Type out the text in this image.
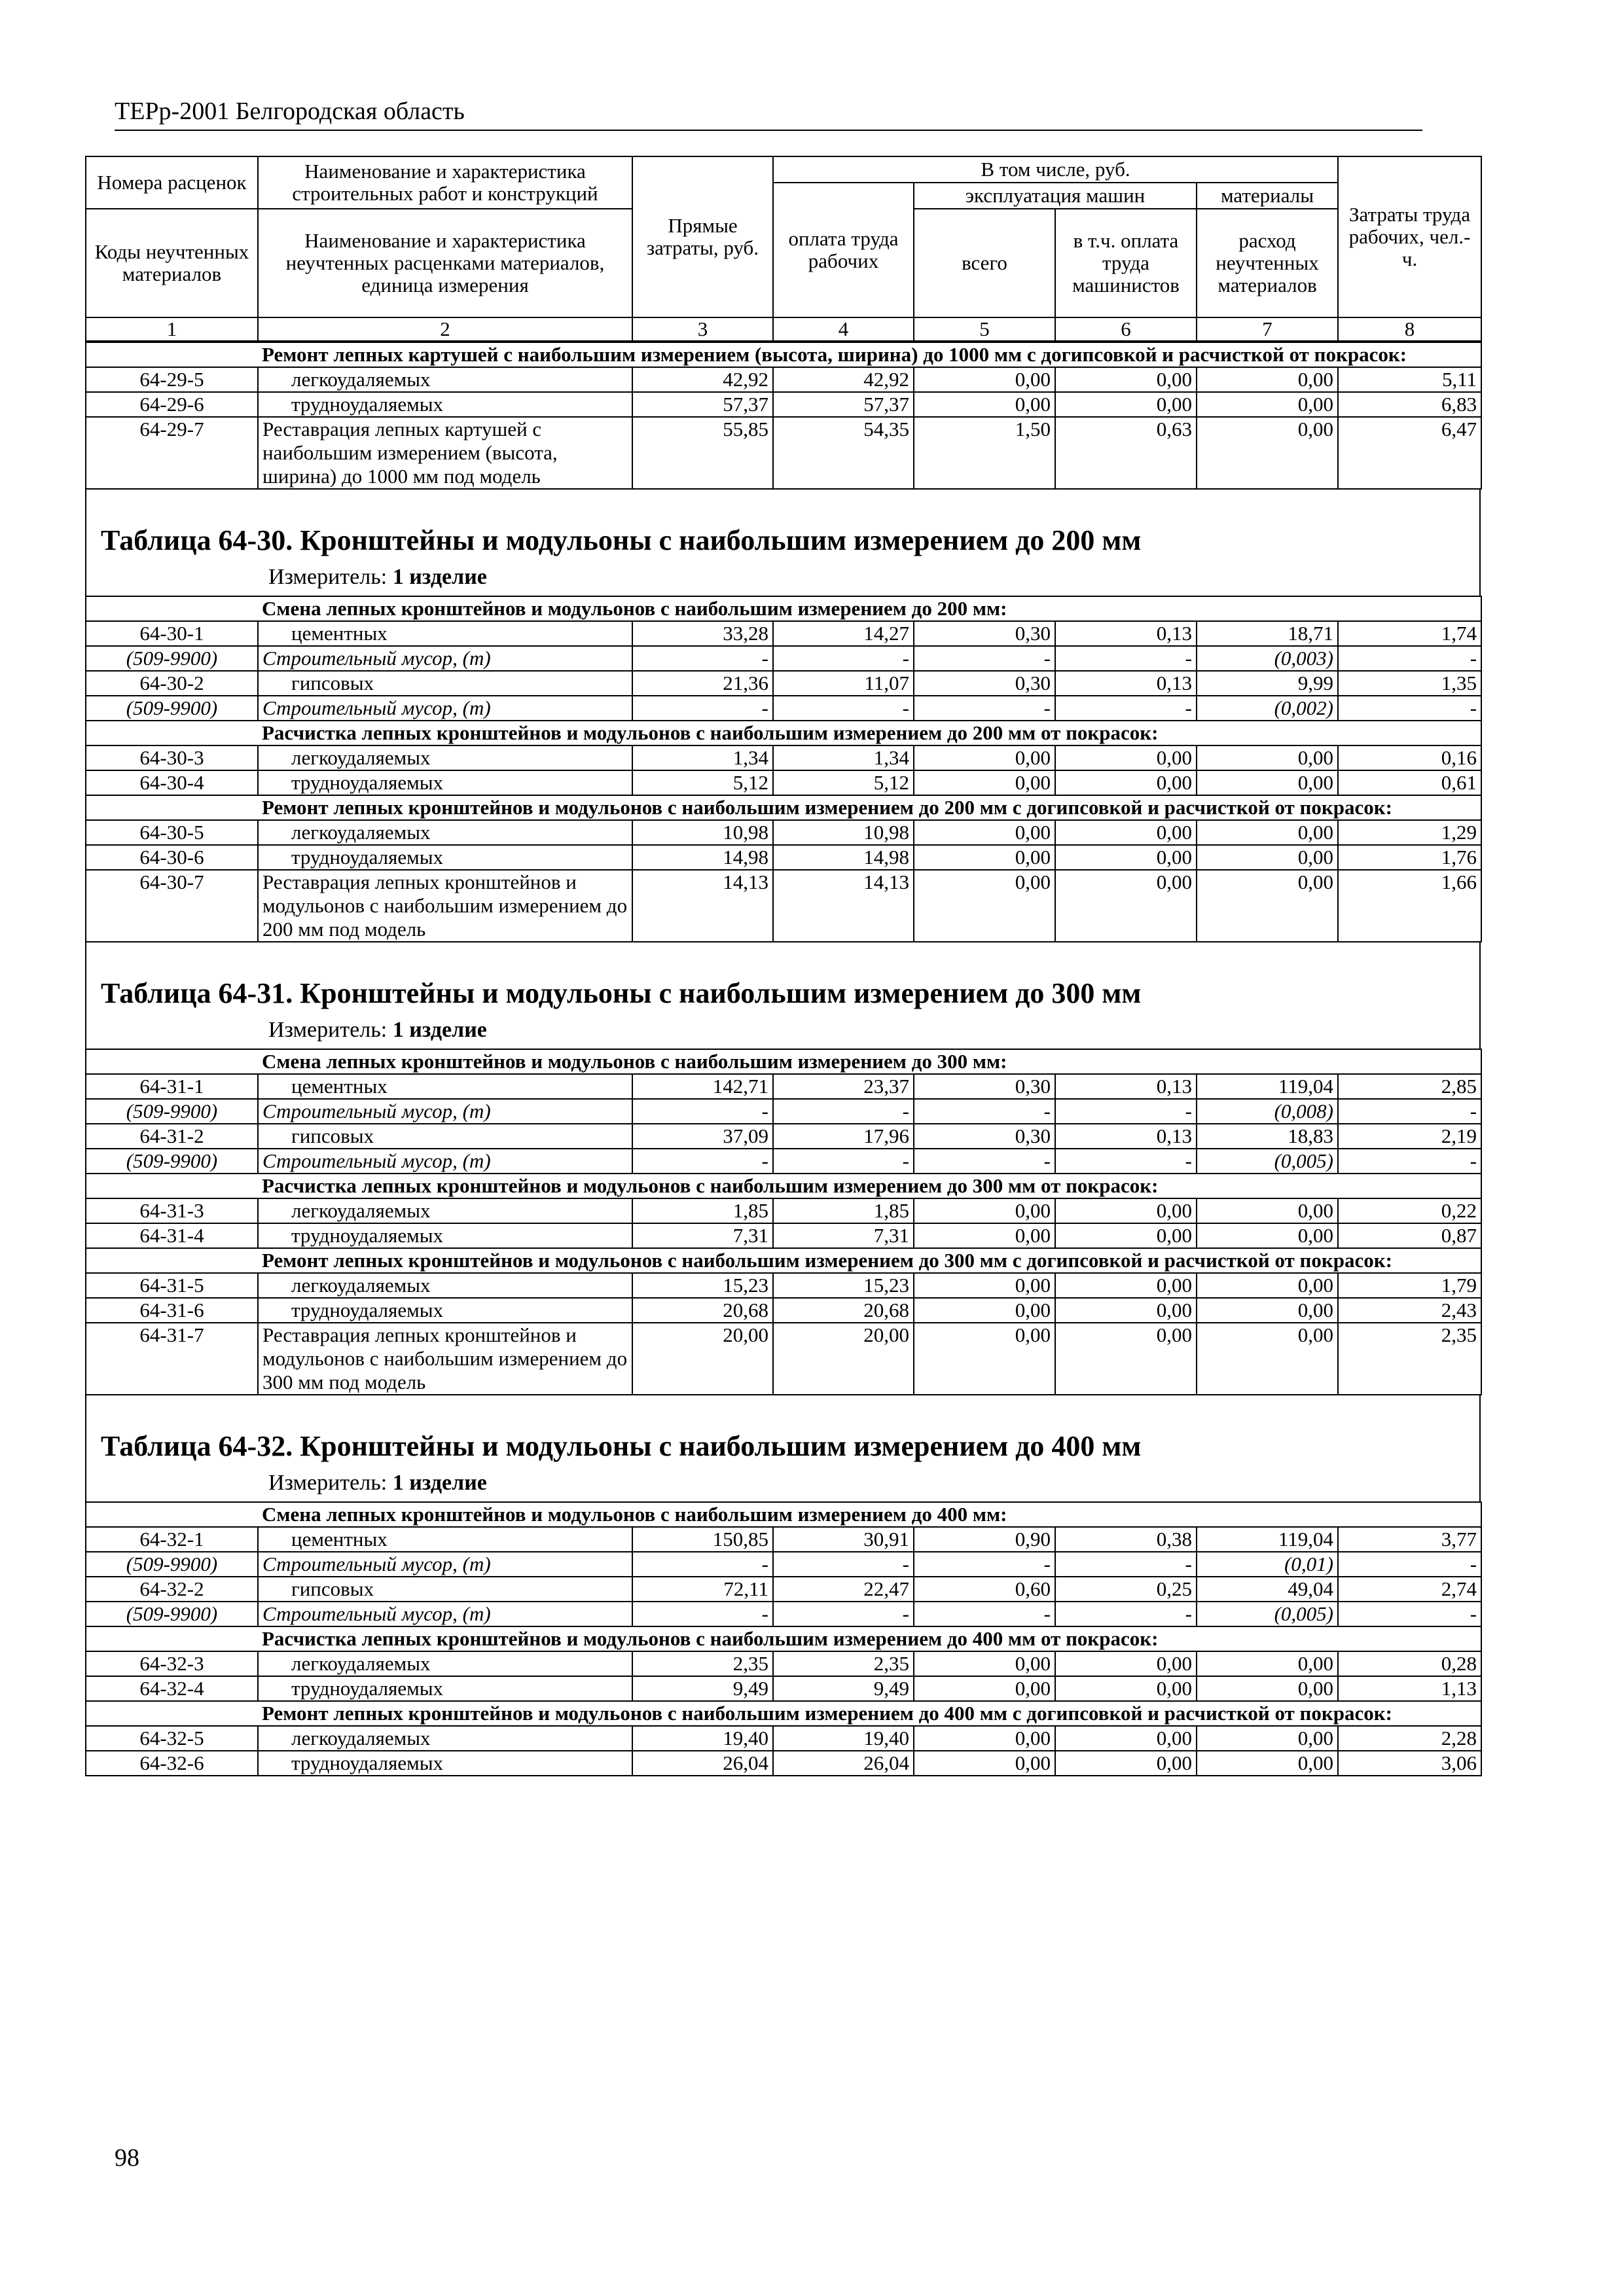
ТЕРр-2001 Белгородская область
Номера расценок	Наименование и характеристика строительных работ и конструкций	Прямые затраты, руб.	В том числе, руб.				Затраты труда рабочих, чел.-ч.
			оплата труда рабочих	эксплуатация машин		материалы	
Коды неучтенных материалов	Наименование и характеристика неучтенных расценками материалов, единица измерения			всего	в т.ч. оплата труда машинистов	расход неучтенных материалов	

1	2	3	4	5	6	7	8
Ремонт лепных картушей с наибольшим измерением (высота, ширина) до 1000 мм с догипсовкой и расчисткой от покрасок:							
64-29-5	легкоудаляемых	42,92	42,92	0,00	0,00	0,00	5,11
64-29-6	трудноудаляемых	57,37	57,37	0,00	0,00	0,00	6,83
64-29-7	Реставрация лепных картушей с наибольшим измерением (высота, ширина) до 1000 мм под модель	55,85	54,35	1,50	0,63	0,00	6,47
Таблица 64-30. Кронштейны и модульоны с наибольшим измерением до 200 мм
Измеритель: 1 изделие
Смена лепных кронштейнов и модульонов с наибольшим измерением до 200 мм:							
64-30-1	цементных	33,28	14,27	0,30	0,13	18,71	1,74
(509-9900)	Строительный мусор, (т)	-	-	-	-	(0,003)	-
64-30-2	гипсовых	21,36	11,07	0,30	0,13	9,99	1,35
(509-9900)	Строительный мусор, (т)	-	-	-	-	(0,002)	-
Расчистка лепных кронштейнов и модульонов с наибольшим измерением до 200 мм от покрасок:							
64-30-3	легкоудаляемых	1,34	1,34	0,00	0,00	0,00	0,16
64-30-4	трудноудаляемых	5,12	5,12	0,00	0,00	0,00	0,61
Ремонт лепных кронштейнов и модульонов с наибольшим измерением до 200 мм с догипсовкой и расчисткой от покрасок:							
64-30-5	легкоудаляемых	10,98	10,98	0,00	0,00	0,00	1,29
64-30-6	трудноудаляемых	14,98	14,98	0,00	0,00	0,00	1,76
64-30-7	Реставрация лепных кронштейнов и модульонов с наибольшим измерением до 200 мм под модель	14,13	14,13	0,00	0,00	0,00	1,66
Таблица 64-31. Кронштейны и модульоны с наибольшим измерением до 300 мм
Измеритель: 1 изделие
Смена лепных кронштейнов и модульонов с наибольшим измерением до 300 мм:							
64-31-1	цементных	142,71	23,37	0,30	0,13	119,04	2,85
(509-9900)	Строительный мусор, (т)	-	-	-	-	(0,008)	-
64-31-2	гипсовых	37,09	17,96	0,30	0,13	18,83	2,19
(509-9900)	Строительный мусор, (т)	-	-	-	-	(0,005)	-
Расчистка лепных кронштейнов и модульонов с наибольшим измерением до 300 мм от покрасок:							
64-31-3	легкоудаляемых	1,85	1,85	0,00	0,00	0,00	0,22
64-31-4	трудноудаляемых	7,31	7,31	0,00	0,00	0,00	0,87
Ремонт лепных кронштейнов и модульонов с наибольшим измерением до 300 мм с догипсовкой и расчисткой от покрасок:							
64-31-5	легкоудаляемых	15,23	15,23	0,00	0,00	0,00	1,79
64-31-6	трудноудаляемых	20,68	20,68	0,00	0,00	0,00	2,43
64-31-7	Реставрация лепных кронштейнов и модульонов с наибольшим измерением до 300 мм под модель	20,00	20,00	0,00	0,00	0,00	2,35
Таблица 64-32. Кронштейны и модульоны с наибольшим измерением до 400 мм
Измеритель: 1 изделие
Смена лепных кронштейнов и модульонов с наибольшим измерением до 400 мм:							
64-32-1	цементных	150,85	30,91	0,90	0,38	119,04	3,77
(509-9900)	Строительный мусор, (т)	-	-	-	-	(0,01)	-
64-32-2	гипсовых	72,11	22,47	0,60	0,25	49,04	2,74
(509-9900)	Строительный мусор, (т)	-	-	-	-	(0,005)	-
Расчистка лепных кронштейнов и модульонов с наибольшим измерением до 400 мм от покрасок:							
64-32-3	легкоудаляемых	2,35	2,35	0,00	0,00	0,00	0,28
64-32-4	трудноудаляемых	9,49	9,49	0,00	0,00	0,00	1,13
Ремонт лепных кронштейнов и модульонов с наибольшим измерением до 400 мм с догипсовкой и расчисткой от покрасок:							
64-32-5	легкоудаляемых	19,40	19,40	0,00	0,00	0,00	2,28
64-32-6	трудноудаляемых	26,04	26,04	0,00	0,00	0,00	3,06
98
